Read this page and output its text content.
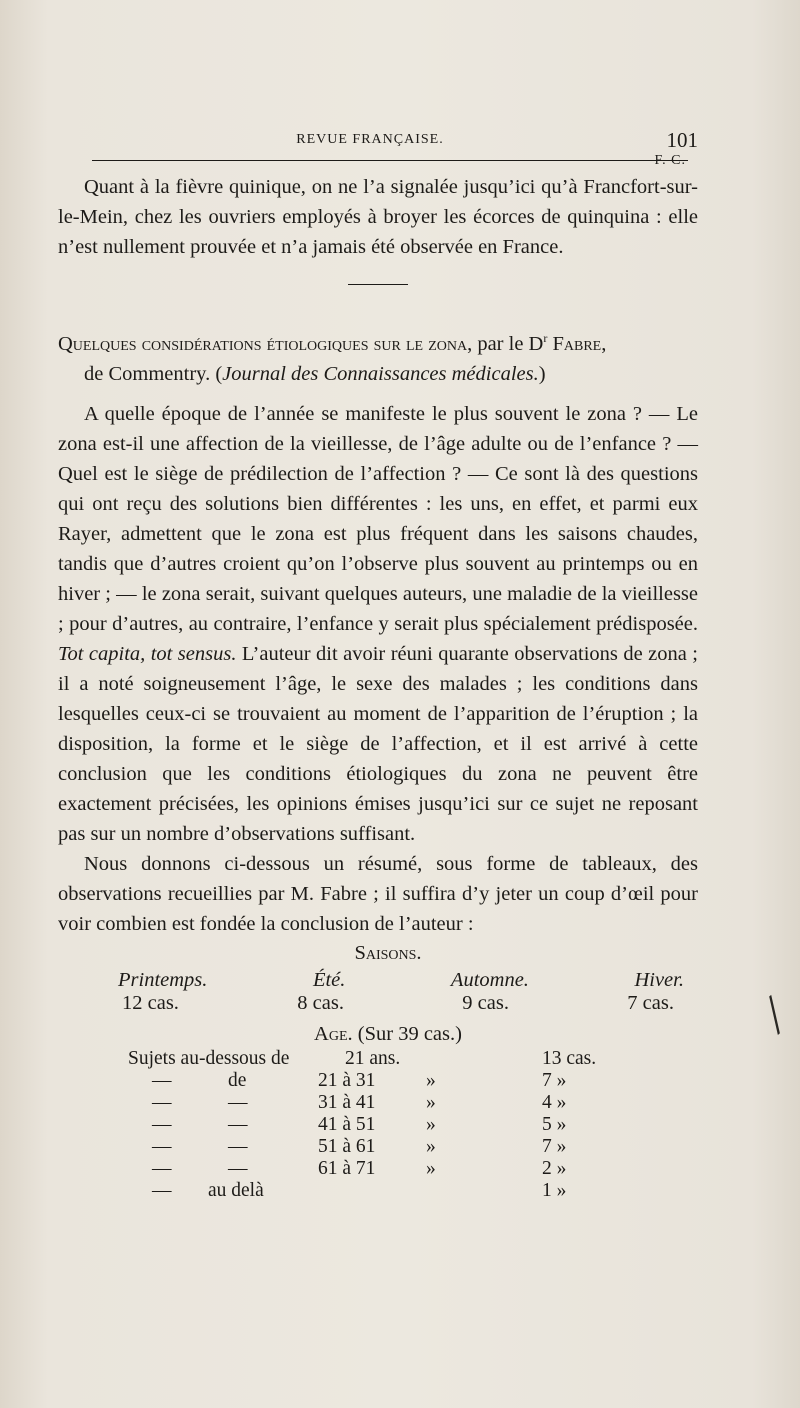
REVUE FRANÇAISE.	101

Quant à la fièvre quinique, on ne l’a signalée jusqu’ici qu’à Francfort-sur-le-Mein, chez les ouvriers employés à broyer les écorces de quinquina : elle n’est nullement prouvée et n’a jamais été observée en France.

F. C.

Quelques considérations étiologiques sur le zona, par le $D^r$ Fabre,
de Commentry. (Journal des Connaissances médicales.)

A quelle époque de l’année se manifeste le plus souvent le zona ? — Le zona est-il une affection de la vieillesse, de l’âge adulte ou de l’enfance ? — Quel est le siège de prédilection de l’affection ? — Ce sont là des questions qui ont reçu des solutions bien différentes : les uns, en effet, et parmi eux Rayer, admettent que le zona est plus fréquent dans les saisons chaudes, tandis que d’autres croient qu’on l’observe plus souvent au printemps ou en hiver ; — le zona serait, suivant quelques auteurs, une maladie de la vieillesse ; pour d’autres, au contraire, l’enfance y serait plus spécialement prédisposée. Tot capita, tot sensus. L’auteur dit avoir réuni quarante observations de zona ; il a noté soigneusement l’âge, le sexe des malades ; les conditions dans lesquelles ceux-ci se trouvaient au moment de l’apparition de l’éruption ; la disposition, la forme et le siège de l’affection, et il est arrivé à cette conclusion que les conditions étiologiques du zona ne peuvent être exactement précisées, les opinions émises jusqu’ici sur ce sujet ne reposant pas sur un nombre d’observations suffisant.

Nous donnons ci-dessous un résumé, sous forme de tableaux, des observations recueillies par M. Fabre ; il suffira d’y jeter un coup d’œil pour voir combien est fondée la conclusion de l’auteur :

Saisons.
Printemps.	Été.	Automne.	Hiver.
12 cas.	8 cas.	9 cas.	7 cas.
Age. (Sur 39 cas.)
Sujets au-dessous de	21 ans.	13 cas.
—	de	21 à 31	»	7 »
—	—	31 à 41	»	4 »
—	—	41 à 51	»	5 »
—	—	51 à 61	»	7 »
—	—	61 à 71	»	2 »
— au delà	1 »
╱
